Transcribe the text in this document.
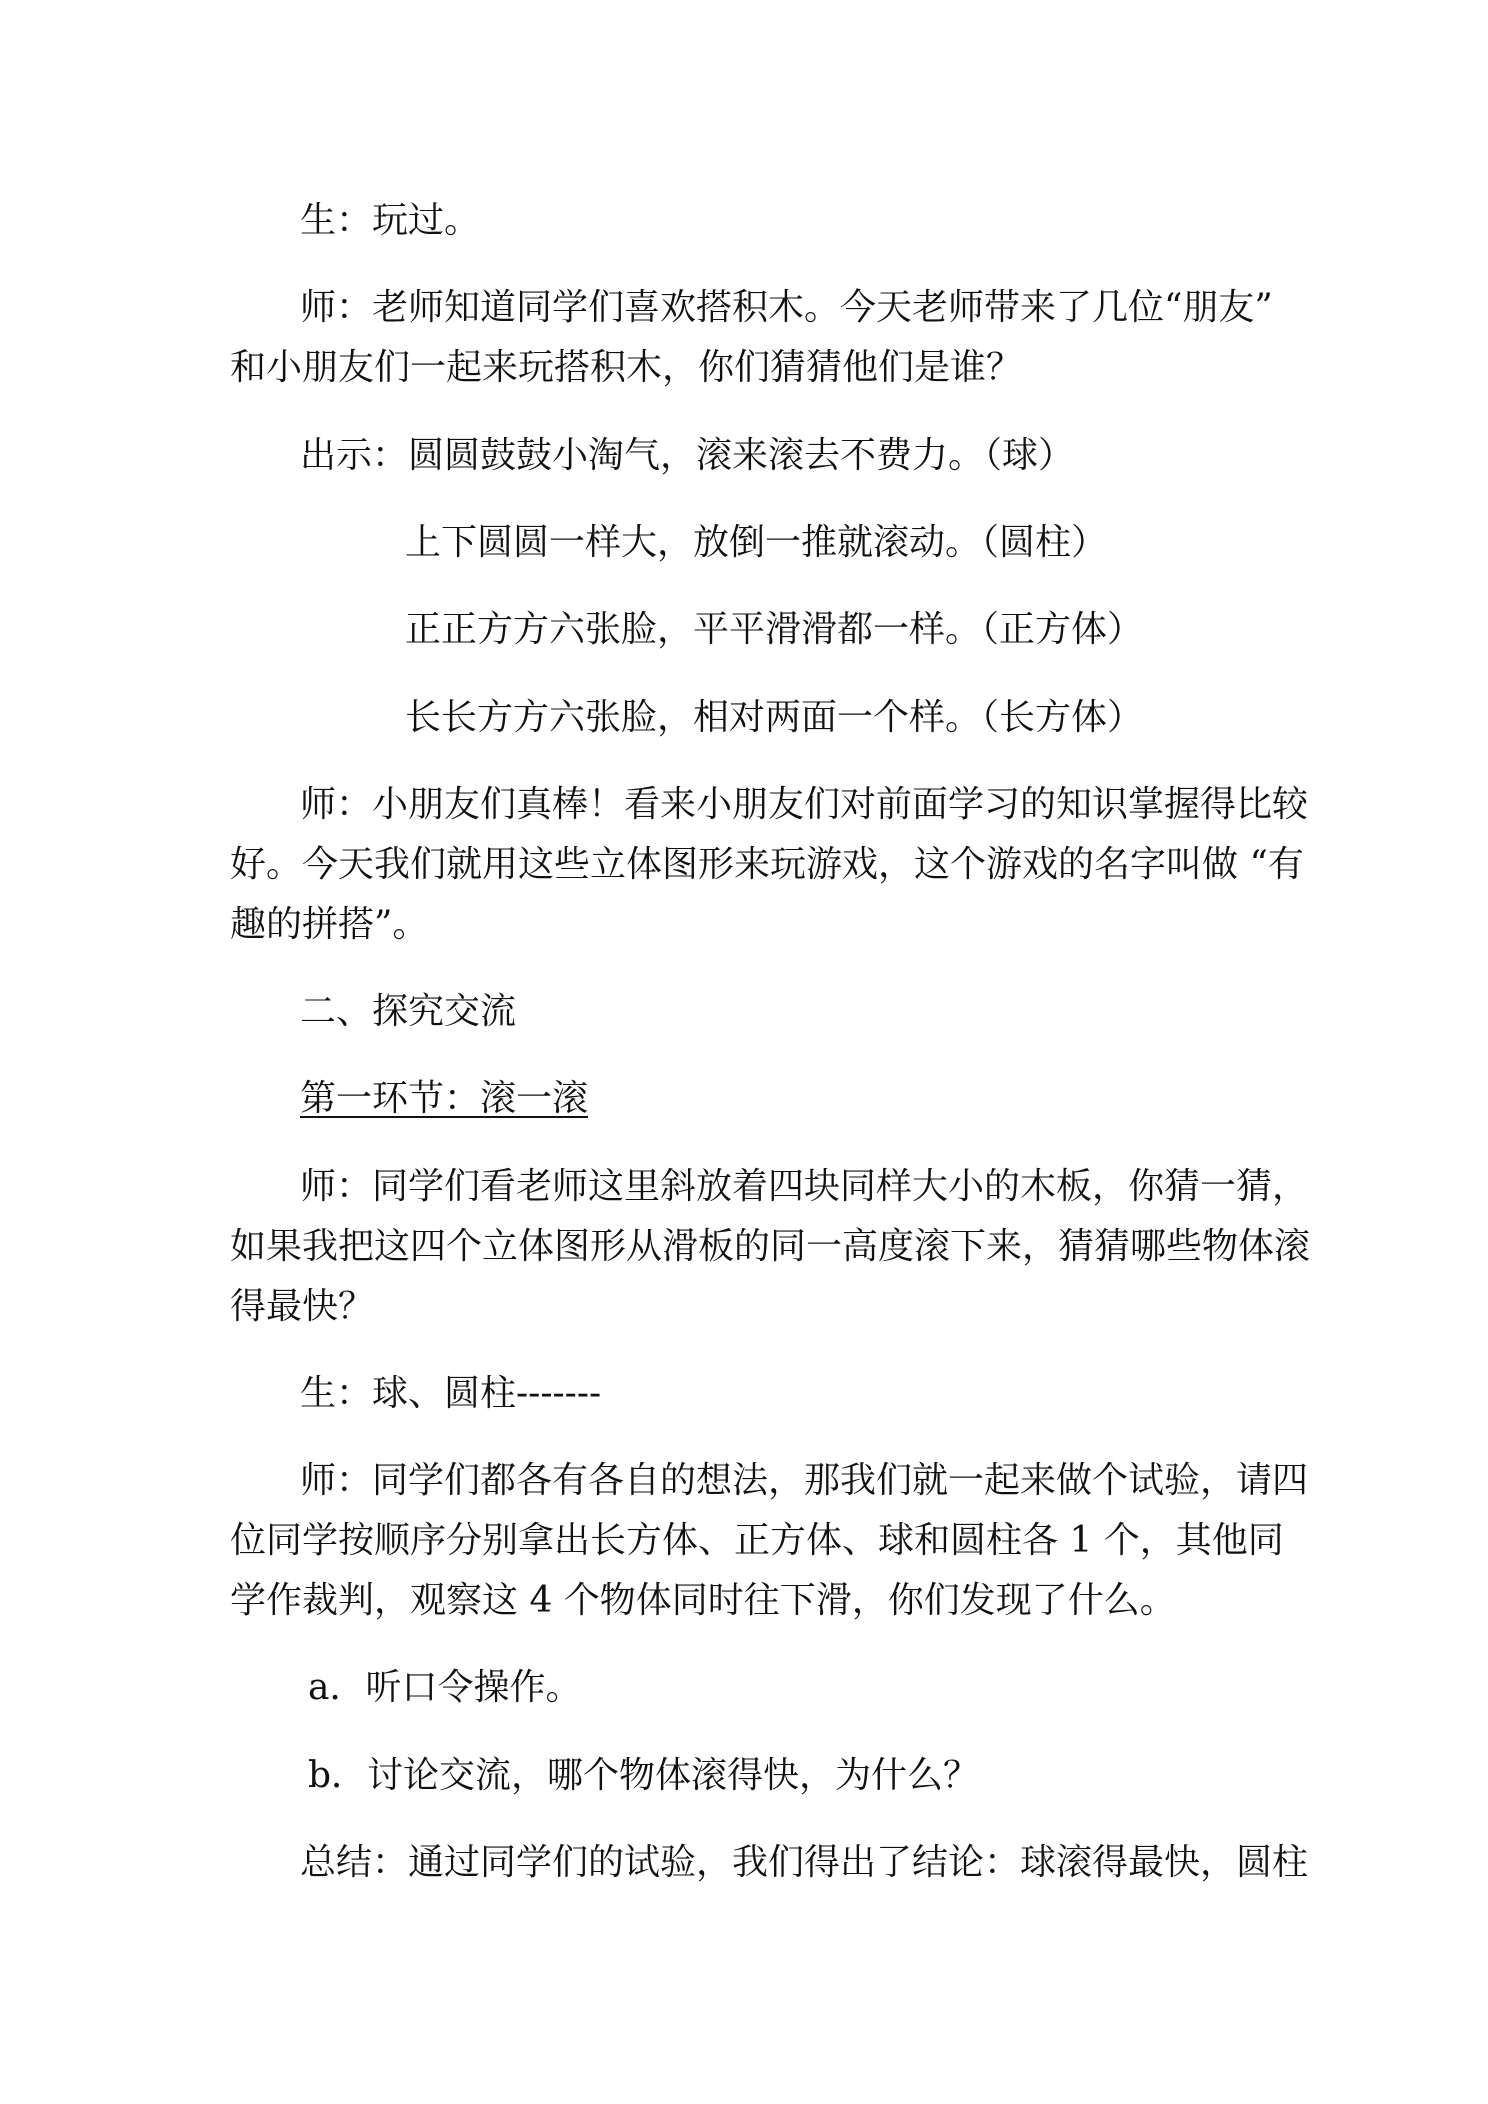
生：玩过。
师：老师知道同学们喜欢搭积木。今天老师带来了几位“朋友”
和小朋友们一起来玩搭积木，你们猜猜他们是谁？
出示：圆圆鼓鼓小淘气，滚来滚去不费力。（球）
上下圆圆一样大，放倒一推就滚动。（圆柱）
正正方方六张脸，平平滑滑都一样。（正方体）
长长方方六张脸，相对两面一个样。（长方体）
师：小朋友们真棒！看来小朋友们对前面学习的知识掌握得比较
好。今天我们就用这些立体图形来玩游戏，这个游戏的名字叫做 “有
趣的拼搭”。
二、探究交流
第一环节：滚一滚
师：同学们看老师这里斜放着四块同样大小的木板，你猜一猜，
如果我把这四个立体图形从滑板的同一高度滚下来，猜猜哪些物体滚
得最快？
生：球、圆柱-------
师：同学们都各有各自的想法，那我们就一起来做个试验，请四
位同学按顺序分别拿出长方体、正方体、球和圆柱各 1 个，其他同
学作裁判，观察这 4 个物体同时往下滑，你们发现了什么。
a．听口令操作。
b．讨论交流，哪个物体滚得快，为什么？
总结：通过同学们的试验，我们得出了结论：球滚得最快，圆柱
